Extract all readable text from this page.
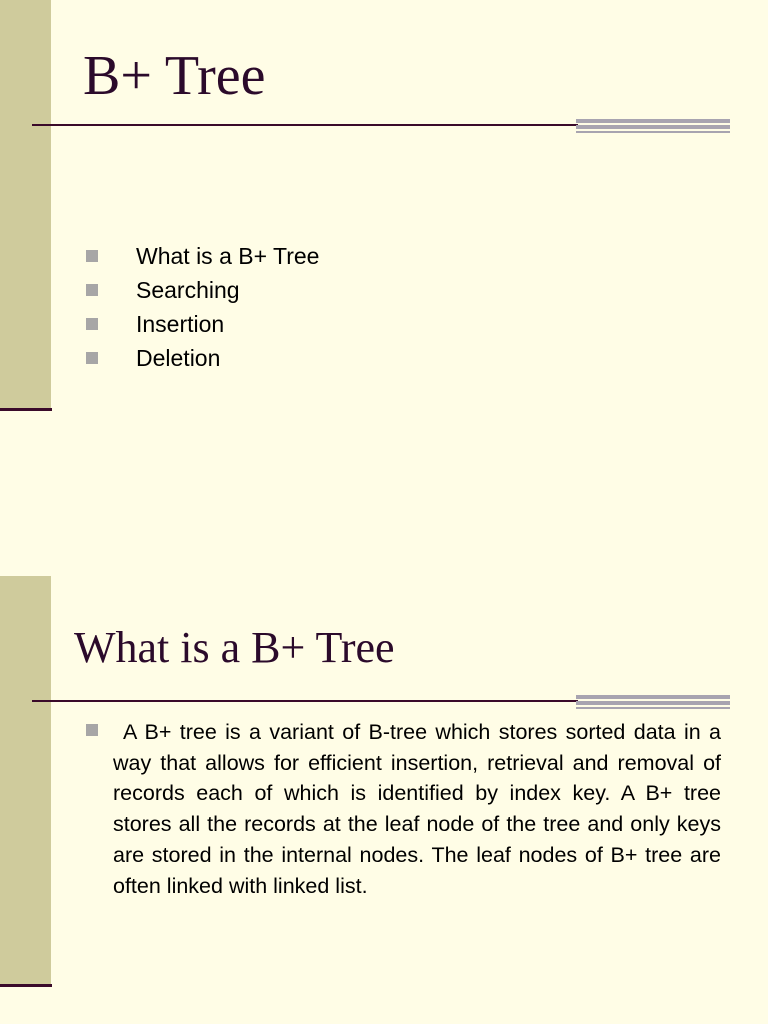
B+ Tree
What is a B+ Tree
Searching
Insertion
Deletion
What is a B+ Tree

A B+ tree is a variant of B-tree which stores sorted data in a way that allows for efficient insertion, retrieval and removal of records each of which is identified by index key. A B+ tree stores all the records at the leaf node of the tree and only keys are stored in the internal nodes. The leaf nodes of B+ tree are often linked with linked list.
